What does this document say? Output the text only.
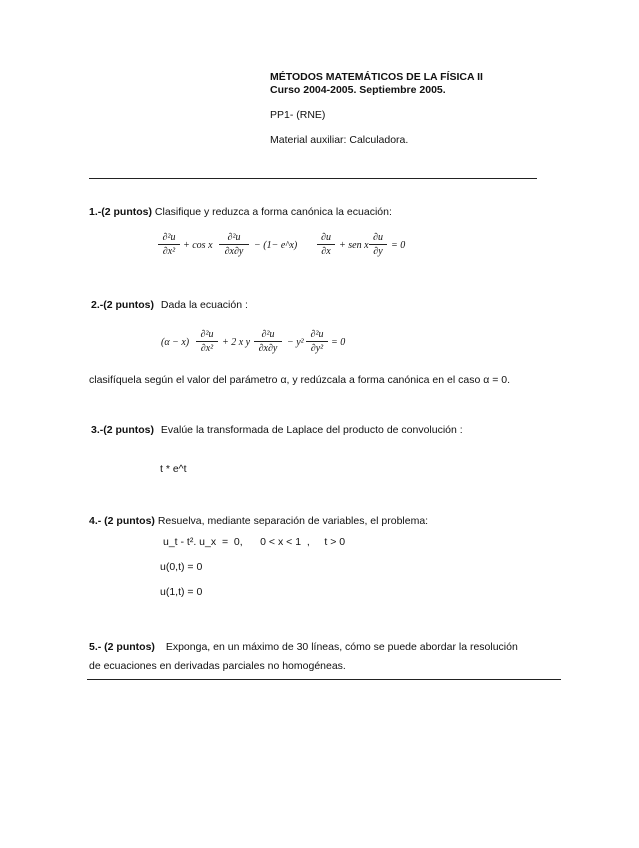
MÉTODOS MATEMÁTICOS DE LA FÍSICA II
Curso 2004-2005. Septiembre 2005.
PP1- (RNE)
Material auxiliar: Calculadora.
1.-(2 puntos) Clasifique y reduzca a forma canónica la ecuación:
∂²u
∂x²
+ cos x
∂²u
∂x∂y
− (1− e^x)
∂u
∂x
+ sen x
∂u
∂y
= 0
2.-(2 puntos) Dada la ecuación :
(α − x)
∂²u
∂x²
+ 2 x y
∂²u
∂x∂y
− y²
∂²u
∂y²
= 0
clasifíquela según el valor del parámetro α, y redúzcala a forma canónica en el caso α = 0.
3.-(2 puntos) Evalúe la transformada de Laplace del producto de convolución :
t * e^t
4.- (2 puntos) Resuelva, mediante separación de variables, el problema:
u_t - t². u_x  =  0,      0 < x < 1  ,     t > 0
u(0,t) = 0
u(1,t) = 0
5.- (2 puntos) Exponga, en un máximo de 30 líneas, cómo se puede abordar la resolución
de ecuaciones en derivadas parciales no homogéneas.
